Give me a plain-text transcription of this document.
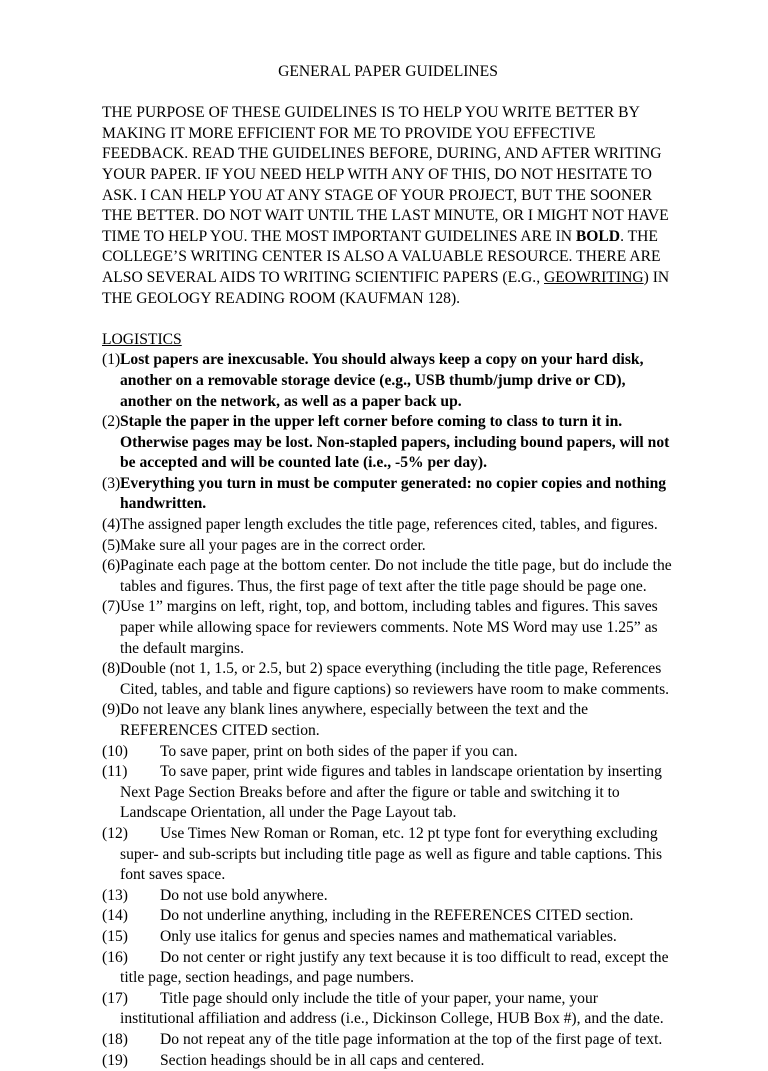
GENERAL PAPER GUIDELINES

THE PURPOSE OF THESE GUIDELINES IS TO HELP YOU WRITE BETTER BY MAKING IT MORE EFFICIENT FOR ME TO PROVIDE YOU EFFECTIVE FEEDBACK. READ THE GUIDELINES BEFORE, DURING, AND AFTER WRITING YOUR PAPER. IF YOU NEED HELP WITH ANY OF THIS, DO NOT HESITATE TO ASK. I CAN HELP YOU AT ANY STAGE OF YOUR PROJECT, BUT THE SOONER THE BETTER. DO NOT WAIT UNTIL THE LAST MINUTE, OR I MIGHT NOT HAVE TIME TO HELP YOU. THE MOST IMPORTANT GUIDELINES ARE IN BOLD. THE COLLEGE’S WRITING CENTER IS ALSO A VALUABLE RESOURCE. THERE ARE ALSO SEVERAL AIDS TO WRITING SCIENTIFIC PAPERS (E.G., GEOWRITING) IN THE GEOLOGY READING ROOM (KAUFMAN 128).

LOGISTICS

(1)Lost papers are inexcusable. You should always keep a copy on your hard disk, another on a removable storage device (e.g., USB thumb/jump drive or CD), another on the network, as well as a paper back up.
(2)Staple the paper in the upper left corner before coming to class to turn it in. Otherwise pages may be lost. Non-stapled papers, including bound papers, will not be accepted and will be counted late (i.e., -5% per day).
(3)Everything you turn in must be computer generated: no copier copies and nothing handwritten.
(4)The assigned paper length excludes the title page, references cited, tables, and figures.
(5)Make sure all your pages are in the correct order.
(6)Paginate each page at the bottom center. Do not include the title page, but do include the tables and figures. Thus, the first page of text after the title page should be page one.
(7)Use 1” margins on left, right, top, and bottom, including tables and figures. This saves paper while allowing space for reviewers comments. Note MS Word may use 1.25” as the default margins.
(8)Double (not 1, 1.5, or 2.5, but 2) space everything (including the title page, References Cited, tables, and table and figure captions) so reviewers have room to make comments.
(9)Do not leave any blank lines anywhere, especially between the text and the REFERENCES CITED section.
(10) To save paper, print on both sides of the paper if you can.
(11) To save paper, print wide figures and tables in landscape orientation by inserting Next Page Section Breaks before and after the figure or table and switching it to Landscape Orientation, all under the Page Layout tab.
(12) Use Times New Roman or Roman, etc. 12 pt type font for everything excluding super- and sub-scripts but including title page as well as figure and table captions. This font saves space.
(13) Do not use bold anywhere.
(14) Do not underline anything, including in the REFERENCES CITED section.
(15) Only use italics for genus and species names and mathematical variables.
(16) Do not center or right justify any text because it is too difficult to read, except the title page, section headings, and page numbers.
(17) Title page should only include the title of your paper, your name, your institutional affiliation and address (i.e., Dickinson College, HUB Box #), and the date.
(18) Do not repeat any of the title page information at the top of the first page of text.
(19) Section headings should be in all caps and centered.
